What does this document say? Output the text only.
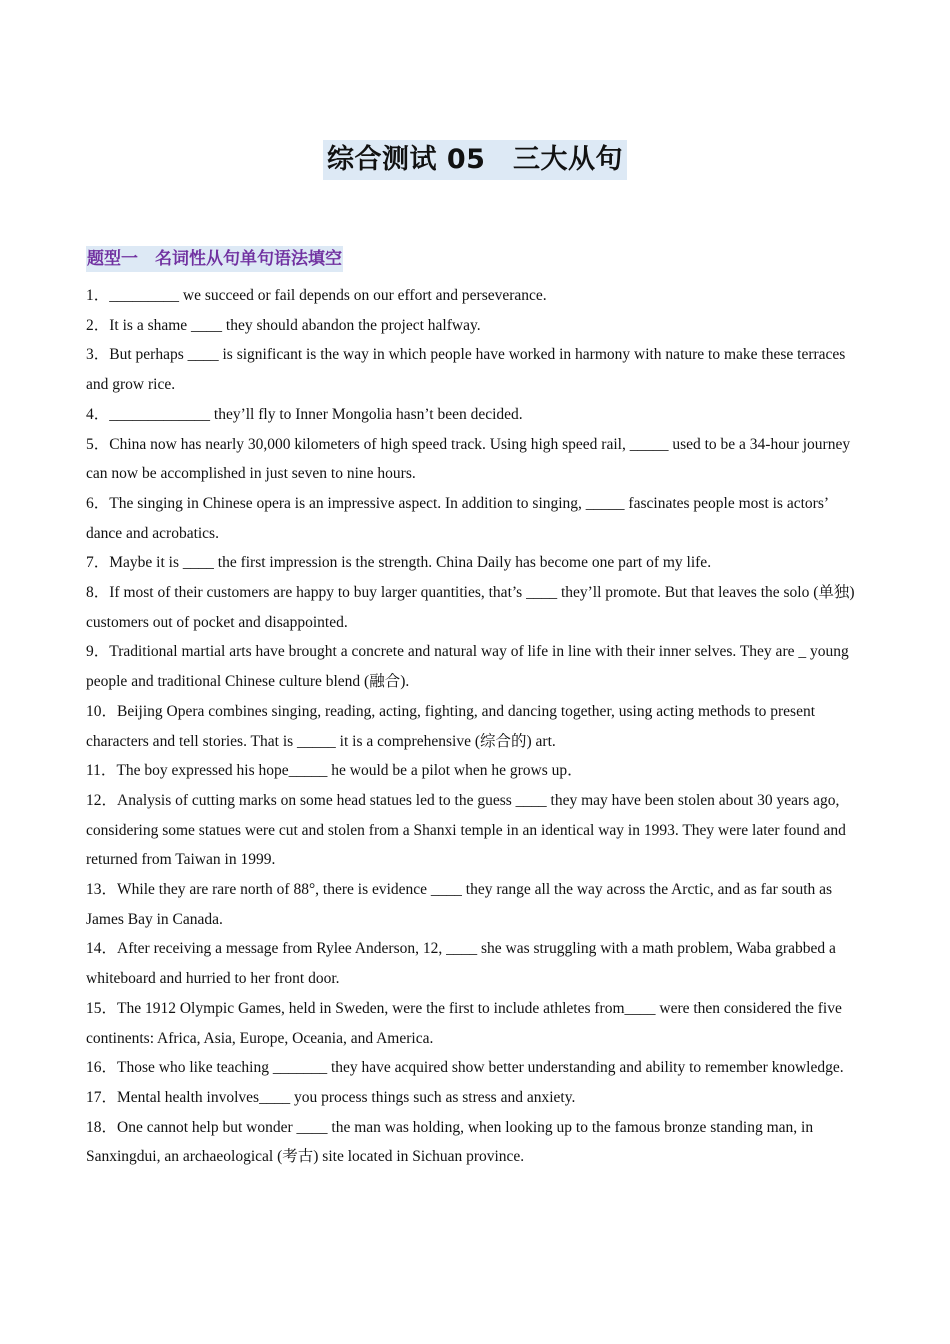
综合测试 05　三大从句
题型一　名词性从句单句语法填空

1．_________ we succeed or fail depends on our effort and perseverance.

2．It is a shame ____ they should abandon the project halfway.

3．But perhaps ____ is significant is the way in which people have worked in harmony with nature to make these terraces and grow rice.

4．_____________ they’ll fly to Inner Mongolia hasn’t been decided.

5．China now has nearly 30,000 kilometers of high speed track. Using high speed rail, _____ used to be a 34-hour journey can now be accomplished in just seven to nine hours.

6．The singing in Chinese opera is an impressive aspect. In addition to singing, _____ fascinates people most is actors’ dance and acrobatics.

7．Maybe it is ____ the first impression is the strength. China Daily has become one part of my life.

8．If most of their customers are happy to buy larger quantities, that’s ____ they’ll promote. But that leaves the solo (单独) customers out of pocket and disappointed.

9．Traditional martial arts have brought a concrete and natural way of life in line with their inner selves. They are _ young people and traditional Chinese culture blend (融合).

10．Beijing Opera combines singing, reading, acting, fighting, and dancing together, using acting methods to present characters and tell stories. That is _____ it is a comprehensive (综合的) art.

11．The boy expressed his hope_____ he would be a pilot when he grows up．

12．Analysis of cutting marks on some head statues led to the guess ____ they may have been stolen about 30 years ago, considering some statues were cut and stolen from a Shanxi temple in an identical way in 1993. They were later found and returned from Taiwan in 1999.

13．While they are rare north of 88°, there is evidence ____ they range all the way across the Arctic, and as far south as James Bay in Canada.

14．After receiving a message from Rylee Anderson, 12, ____ she was struggling with a math problem, Waba grabbed a whiteboard and hurried to her front door.

15．The 1912 Olympic Games, held in Sweden, were the first to include athletes from____ were then considered the five continents: Africa, Asia, Europe, Oceania, and America.

16．Those who like teaching _______ they have acquired show better understanding and ability to remember knowledge.

17．Mental health involves____ you process things such as stress and anxiety.

18．One cannot help but wonder ____ the man was holding, when looking up to the famous bronze standing man, in Sanxingdui, an archaeological (考古) site located in Sichuan province.
